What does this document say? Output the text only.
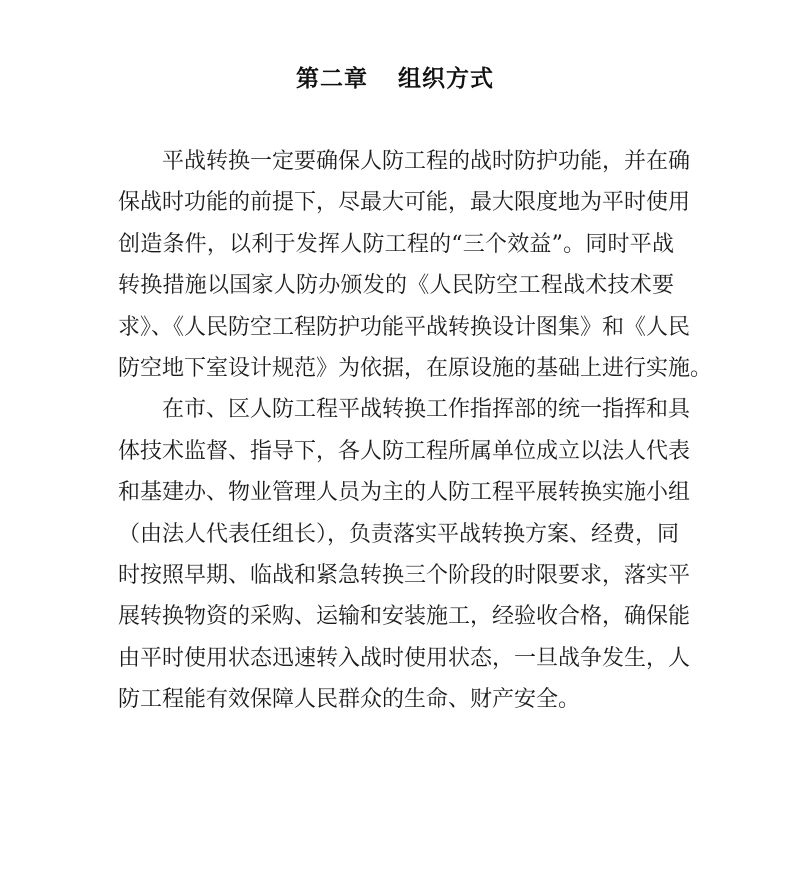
第二章 组织方式
平战转换一定要确保人防工程的战时防护功能，并在确
保战时功能的前提下，尽最大可能，最大限度地为平时使用
创造条件，以利于发挥人防工程的“三个效益”。同时平战
转换措施以国家人防办颁发的《人民防空工程战术技术要
求》、《人民防空工程防护功能平战转换设计图集》和《人民
防空地下室设计规范》为依据，在原设施的基础上进行实施。
在市、区人防工程平战转换工作指挥部的统一指挥和具
体技术监督、指导下，各人防工程所属单位成立以法人代表
和基建办、物业管理人员为主的人防工程平展转换实施小组
（由法人代表任组长），负责落实平战转换方案、经费，同
时按照早期、临战和紧急转换三个阶段的时限要求，落实平
展转换物资的采购、运输和安装施工，经验收合格，确保能
由平时使用状态迅速转入战时使用状态，一旦战争发生，人
防工程能有效保障人民群众的生命、财产安全。
